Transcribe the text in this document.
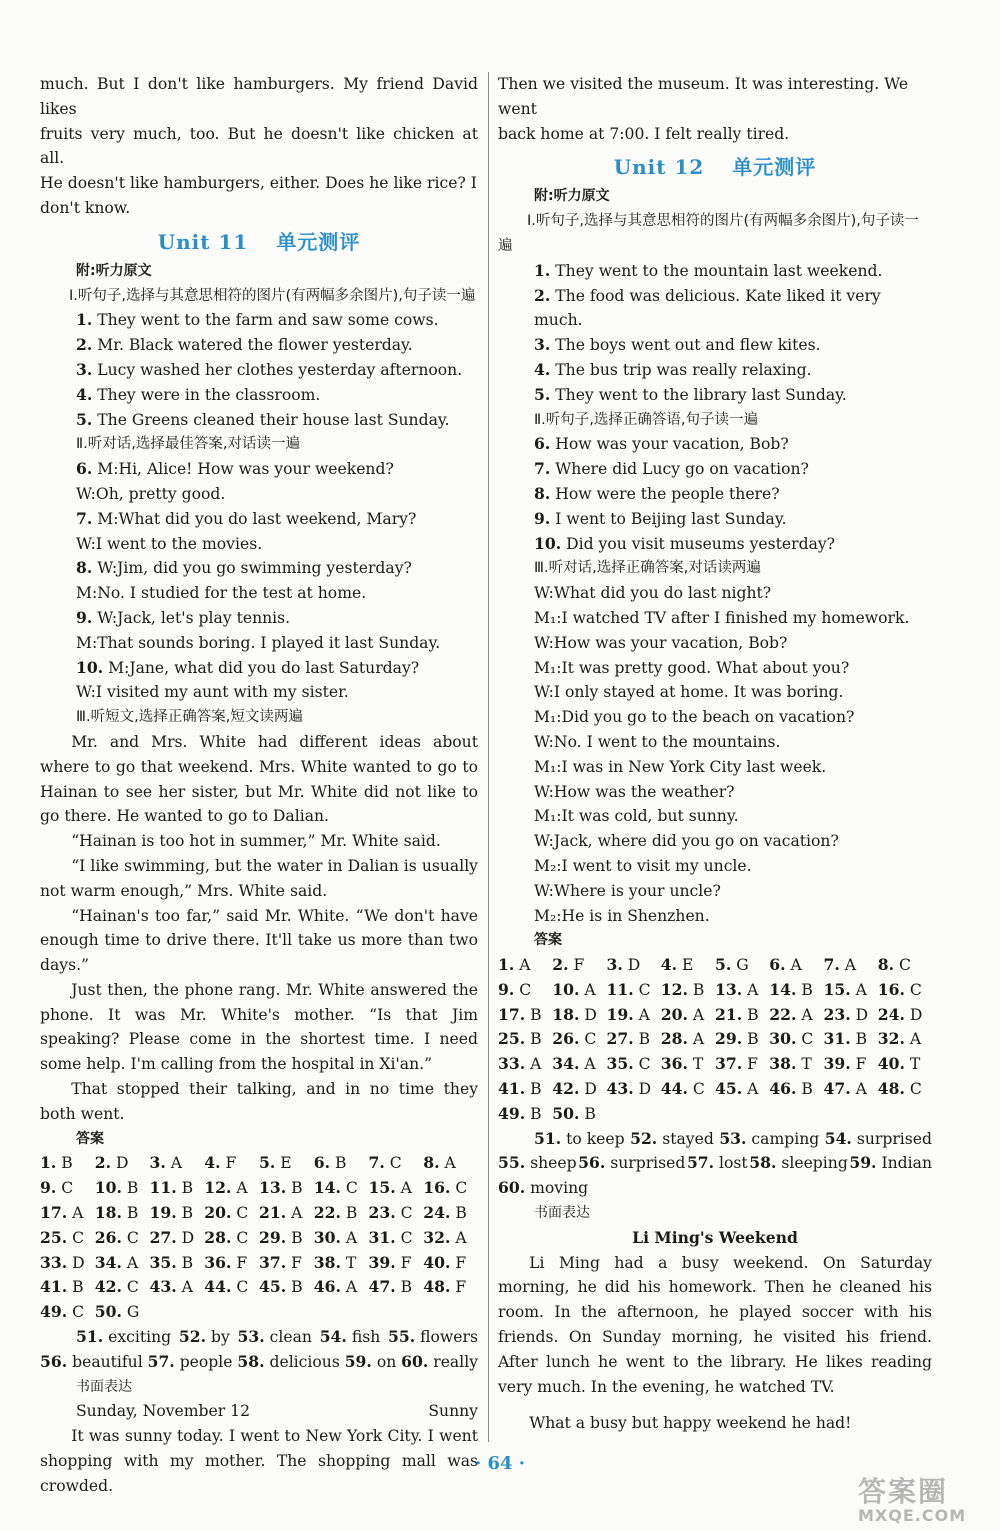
much. But I don't like hamburgers. My friend David likes

fruits very much, too. But he doesn't like chicken at all.

He doesn't like hamburgers, either. Does he like rice? I

don't know.

Unit 11 单元测评

附:听力原文

Ⅰ.听句子,选择与其意思相符的图片(有两幅多余图片),句子读一遍

1. They went to the farm and saw some cows.

2. Mr. Black watered the flower yesterday.

3. Lucy washed her clothes yesterday afternoon.

4. They were in the classroom.

5. The Greens cleaned their house last Sunday.

Ⅱ.听对话,选择最佳答案,对话读一遍

6. M:Hi, Alice! How was your weekend?

W:Oh, pretty good.

7. M:What did you do last weekend, Mary?

W:I went to the movies.

8. W:Jim, did you go swimming yesterday?

M:No. I studied for the test at home.

9. W:Jack, let's play tennis.

M:That sounds boring. I played it last Sunday.

10. M:Jane, what did you do last Saturday?

W:I visited my aunt with my sister.

Ⅲ.听短文,选择正确答案,短文读两遍

Mr. and Mrs. White had different ideas about where to go that weekend. Mrs. White wanted to go to Hainan to see her sister, but Mr. White did not like to go there. He wanted to go to Dalian.

“Hainan is too hot in summer,” Mr. White said.

“I like swimming, but the water in Dalian is usually not warm enough,” Mrs. White said.

“Hainan's too far,” said Mr. White. “We don't have enough time to drive there. It'll take us more than two days.”

Just then, the phone rang. Mr. White answered the phone. It was Mr. White's mother. “Is that Jim speaking? Please come in the shortest time. I need some help. I'm calling from the hospital in Xi'an.”

That stopped their talking, and in no time they both went.

答案

1. B	2. D	3. A	4. F	5. E	6. B	7. C	8. A
9. C	10. B 11. B 12. A 13. B 14. C 15. A 16. C
17. A 18. B 19. B 20. C 21. A 22. B 23. C 24. B
25. C 26. C 27. D 28. C 29. B 30. A 31. C 32. A
33. D 34. A 35. B 36. F 37. F 38. T 39. F 40. F
41. B 42. C 43. A 44. C 45. B 46. A 47. B 48. F
49. C 50. G
51. exciting 52. by 53. clean 54. fish 55. flowers
56. beautiful 57. people 58. delicious 59. on 60. really

书面表达

Sunday, November 12	Sunny

It was sunny today. I went to New York City. I went shopping with my mother. The shopping mall was crowded.

Then we visited the museum. It was interesting. We went

back home at 7:00. I felt really tired.

Unit 12 单元测评

附:听力原文

Ⅰ.听句子,选择与其意思相符的图片(有两幅多余图片),句子读一遍

1. They went to the mountain last weekend.

2. The food was delicious. Kate liked it very much.

3. The boys went out and flew kites.

4. The bus trip was really relaxing.

5. They went to the library last Sunday.

Ⅱ.听句子,选择正确答语,句子读一遍

6. How was your vacation, Bob?

7. Where did Lucy go on vacation?

8. How were the people there?

9. I went to Beijing last Sunday.

10. Did you visit museums yesterday?

Ⅲ.听对话,选择正确答案,对话读两遍

W:What did you do last night?

M₁:I watched TV after I finished my homework.

W:How was your vacation, Bob?

M₁:It was pretty good. What about you?

W:I only stayed at home. It was boring.

M₁:Did you go to the beach on vacation?

W:No. I went to the mountains.

M₁:I was in New York City last week.

W:How was the weather?

M₁:It was cold, but sunny.

W:Jack, where did you go on vacation?

M₂:I went to visit my uncle.

W:Where is your uncle?

M₂:He is in Shenzhen.

答案

1. A	2. F	3. D	4. E	5. G	6. A	7. A	8. C
9. C	10. A 11. C 12. B 13. A 14. B 15. A 16. C
17. B 18. D 19. A 20. A 21. B 22. A 23. D 24. D
25. B 26. C 27. B 28. A 29. B 30. C 31. B 32. A
33. A 34. A 35. C 36. T 37. F 38. T 39. F 40. T
41. B 42. D 43. D 44. C 45. A 46. B 47. A 48. C
49. B 50. B
51. to keep 52. stayed 53. camping 54. surprised
55. sheep 56. surprised 57. lost 58. sleeping 59. Indian
60. moving

书面表达

Li Ming's Weekend

Li Ming had a busy weekend. On Saturday morning, he did his homework. Then he cleaned his room. In the afternoon, he played soccer with his friends. On Sunday morning, he visited his friend. After lunch he went to the library. He likes reading very much. In the evening, he watched TV.

What a busy but happy weekend he had!

· 64 ·
答案圈
MXQE.COM
